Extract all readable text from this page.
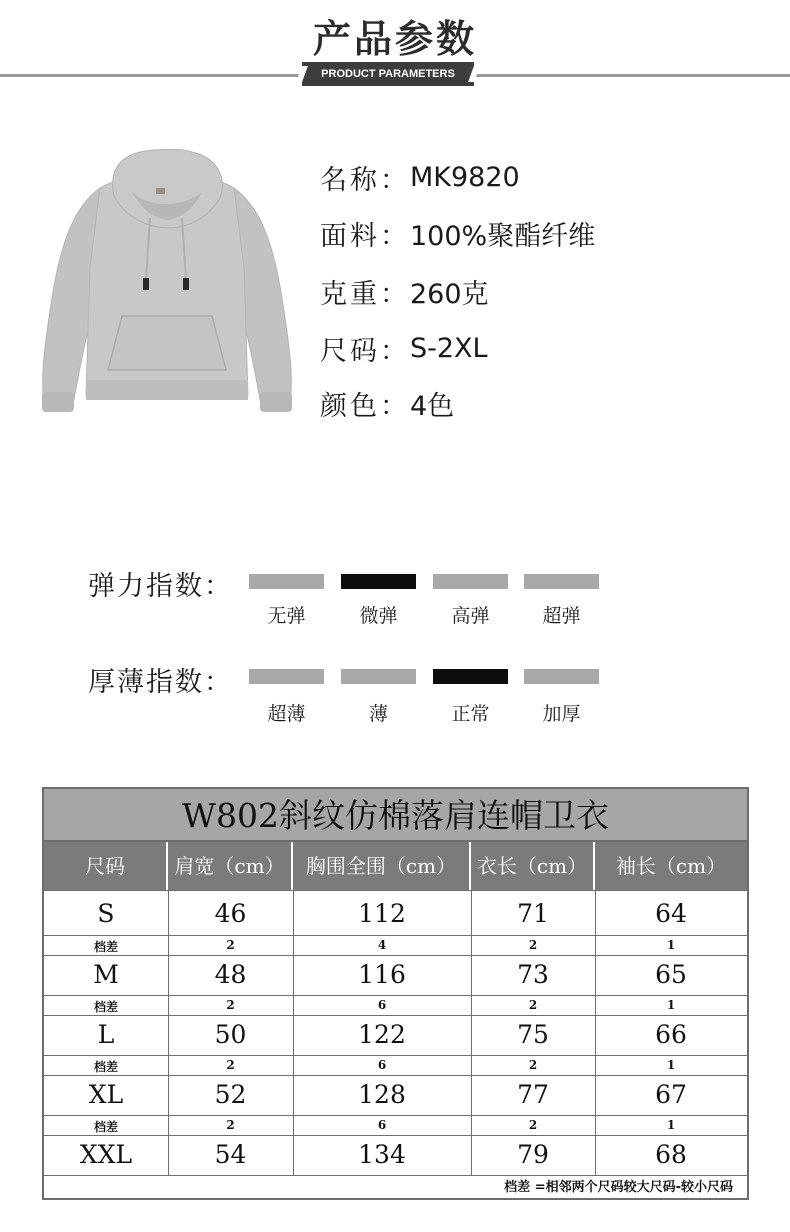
产品参数
PRODUCT PARAMETERS
名称： MK9820
面料： 100%聚酯纤维
克重： 260克
尺码： S-2XL
颜色： 4色
弹力指数：
无弹	微弹	高弹	超弹
厚薄指数：
超薄	薄	正常	加厚
W802斜纹仿棉落肩连帽卫衣
尺码	肩宽（cm）	胸围全围（cm）	衣长（cm）	袖长（cm）
S	46	112	71	64
档差	2	4	2	1
M	48	116	73	65
档差	2	6	2	1
L	50	122	75	66
档差	2	6	2	1
XL	52	128	77	67
档差	2	6	2	1
XXL	54	134	79	68
档差 =相邻两个尺码较大尺码-较小尺码
